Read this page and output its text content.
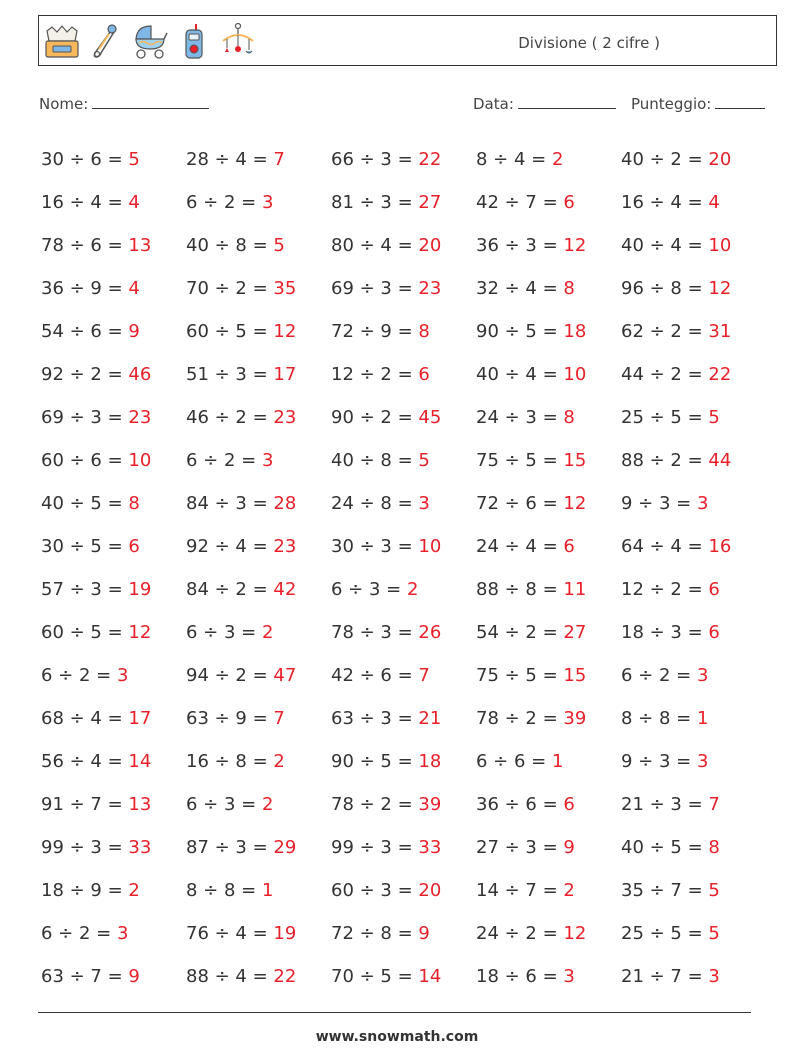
Divisione ( 2 cifre )
Nome:	Data:	Punteggio:
30 ÷ 6 = 5	28 ÷ 4 = 7	66 ÷ 3 = 22	8 ÷ 4 = 2	40 ÷ 2 = 20
16 ÷ 4 = 4	6 ÷ 2 = 3	81 ÷ 3 = 27	42 ÷ 7 = 6	16 ÷ 4 = 4
78 ÷ 6 = 13	40 ÷ 8 = 5	80 ÷ 4 = 20	36 ÷ 3 = 12	40 ÷ 4 = 10
36 ÷ 9 = 4	70 ÷ 2 = 35	69 ÷ 3 = 23	32 ÷ 4 = 8	96 ÷ 8 = 12
54 ÷ 6 = 9	60 ÷ 5 = 12	72 ÷ 9 = 8	90 ÷ 5 = 18	62 ÷ 2 = 31
92 ÷ 2 = 46	51 ÷ 3 = 17	12 ÷ 2 = 6	40 ÷ 4 = 10	44 ÷ 2 = 22
69 ÷ 3 = 23	46 ÷ 2 = 23	90 ÷ 2 = 45	24 ÷ 3 = 8	25 ÷ 5 = 5
60 ÷ 6 = 10	6 ÷ 2 = 3	40 ÷ 8 = 5	75 ÷ 5 = 15	88 ÷ 2 = 44
40 ÷ 5 = 8	84 ÷ 3 = 28	24 ÷ 8 = 3	72 ÷ 6 = 12	9 ÷ 3 = 3
30 ÷ 5 = 6	92 ÷ 4 = 23	30 ÷ 3 = 10	24 ÷ 4 = 6	64 ÷ 4 = 16
57 ÷ 3 = 19	84 ÷ 2 = 42	6 ÷ 3 = 2	88 ÷ 8 = 11	12 ÷ 2 = 6
60 ÷ 5 = 12	6 ÷ 3 = 2	78 ÷ 3 = 26	54 ÷ 2 = 27	18 ÷ 3 = 6
6 ÷ 2 = 3	94 ÷ 2 = 47	42 ÷ 6 = 7	75 ÷ 5 = 15	6 ÷ 2 = 3
68 ÷ 4 = 17	63 ÷ 9 = 7	63 ÷ 3 = 21	78 ÷ 2 = 39	8 ÷ 8 = 1
56 ÷ 4 = 14	16 ÷ 8 = 2	90 ÷ 5 = 18	6 ÷ 6 = 1	9 ÷ 3 = 3
91 ÷ 7 = 13	6 ÷ 3 = 2	78 ÷ 2 = 39	36 ÷ 6 = 6	21 ÷ 3 = 7
99 ÷ 3 = 33	87 ÷ 3 = 29	99 ÷ 3 = 33	27 ÷ 3 = 9	40 ÷ 5 = 8
18 ÷ 9 = 2	8 ÷ 8 = 1	60 ÷ 3 = 20	14 ÷ 7 = 2	35 ÷ 7 = 5
6 ÷ 2 = 3	76 ÷ 4 = 19	72 ÷ 8 = 9	24 ÷ 2 = 12	25 ÷ 5 = 5
63 ÷ 7 = 9	88 ÷ 4 = 22	70 ÷ 5 = 14	18 ÷ 6 = 3	21 ÷ 7 = 3
www.snowmath.com
